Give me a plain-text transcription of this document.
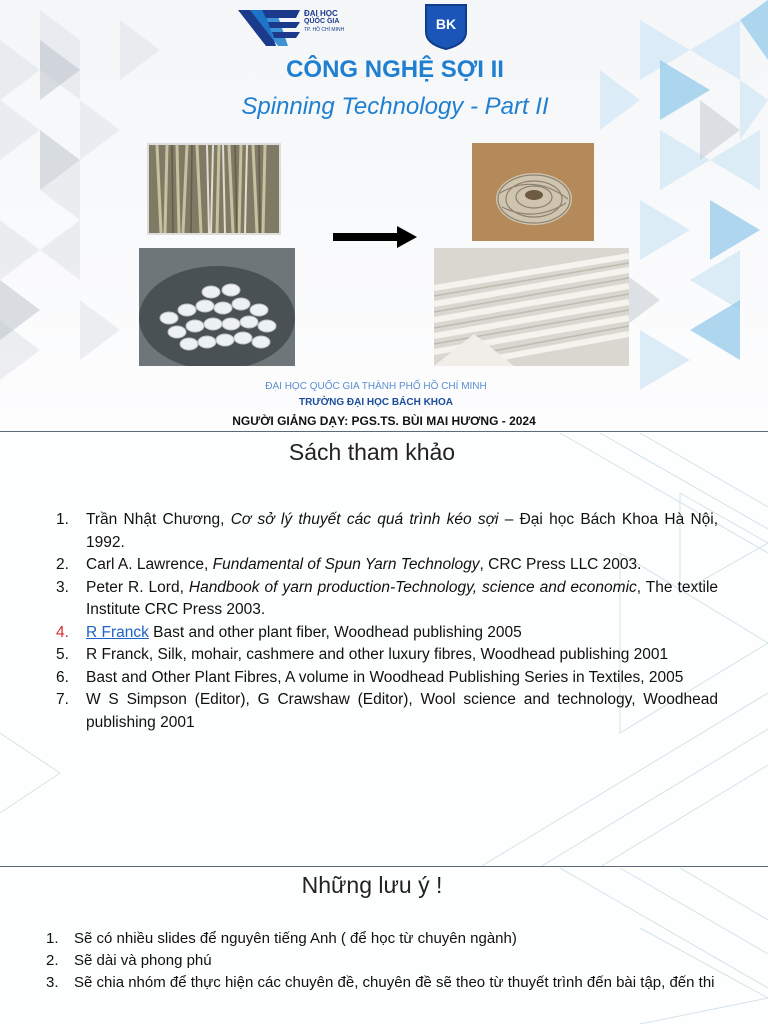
ĐẠI HỌC
QUỐC GIA
TP. HỒ CHÍ MINH	BK
CÔNG NGHỆ SỢI II
Spinning Technology - Part II
ĐẠI HỌC QUỐC GIA THÀNH PHỐ HỒ CHÍ MINH
TRƯỜNG ĐẠI HỌC BÁCH KHOA
NGƯỜI GIẢNG DẠY: PGS.TS. BÙI MAI HƯƠNG - 2024
Sách tham khảo
1. Trần Nhật Chương, Cơ sở lý thuyết các quá trình kéo sợi – Đại học Bách Khoa Hà Nội, 1992.
2. Carl A. Lawrence, Fundamental of Spun Yarn Technology, CRC Press LLC 2003.
3. Peter R. Lord, Handbook of yarn production-Technology, science and economic, The textile Institute CRC Press 2003.
4. R Franck Bast and other plant fiber, Woodhead publishing 2005
5. R Franck, Silk, mohair, cashmere and other luxury fibres, Woodhead publishing 2001
6. Bast and Other Plant Fibres, A volume in Woodhead Publishing Series in Textiles, 2005
7. W S Simpson (Editor), G Crawshaw (Editor), Wool science and technology, Woodhead publishing 2001
Những lưu ý !
1. Sẽ có nhiều slides để nguyên tiếng Anh ( để học từ chuyên ngành)
2. Sẽ dài và phong phú
3. Sẽ chia nhóm để thực hiện các chuyên đề, chuyên đề sẽ theo từ thuyết trình đến bài tập, đến thi
